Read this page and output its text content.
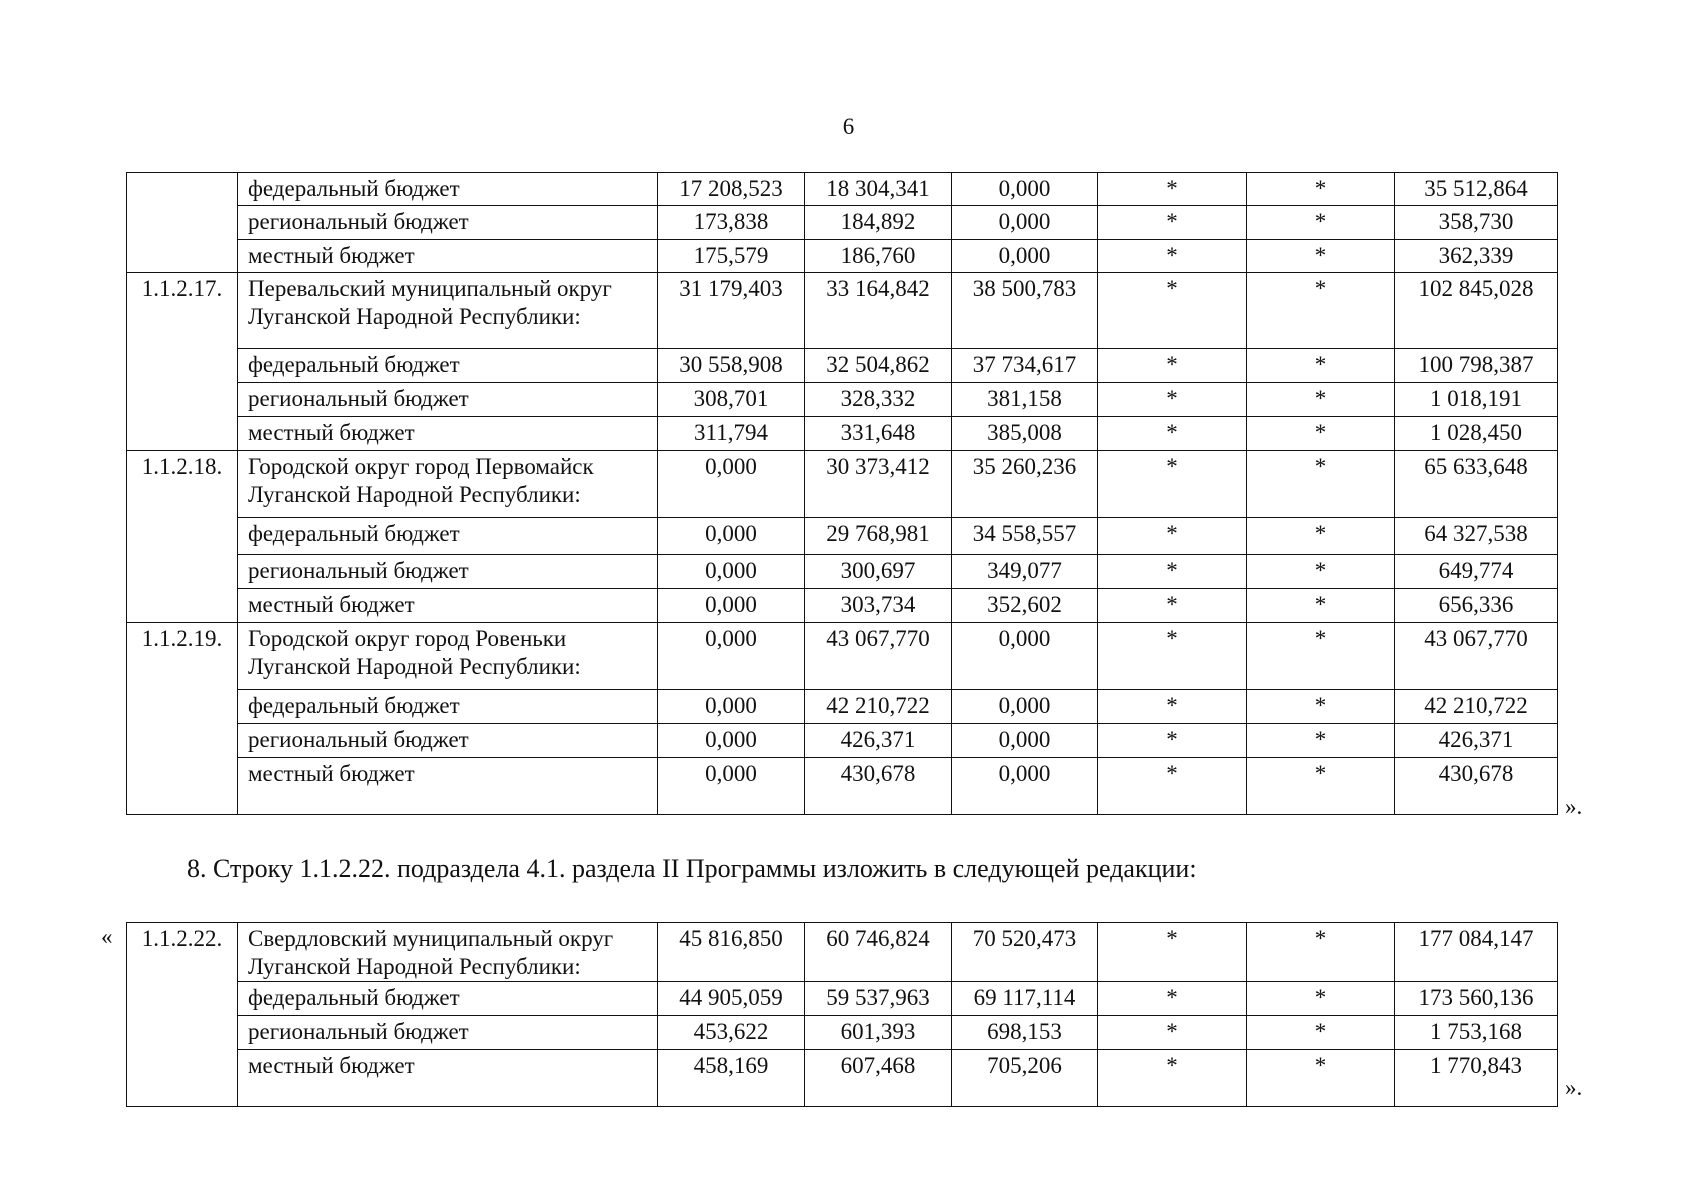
6
	федеральный бюджет	17 208,523	18 304,341	0,000	*	*	35 512,864
	региональный бюджет	173,838	184,892	0,000	*	*	358,730
	местный бюджет	175,579	186,760	0,000	*	*	362,339
1.1.2.17.	Перевальский муниципальный округ Луганской Народной Республики:	31 179,403	33 164,842	38 500,783	*	*	102 845,028
	федеральный бюджет	30 558,908	32 504,862	37 734,617	*	*	100 798,387
	региональный бюджет	308,701	328,332	381,158	*	*	1 018,191
	местный бюджет	311,794	331,648	385,008	*	*	1 028,450
1.1.2.18.	Городской округ город Первомайск Луганской Народной Республики:	0,000	30 373,412	35 260,236	*	*	65 633,648
	федеральный бюджет	0,000	29 768,981	34 558,557	*	*	64 327,538
	региональный бюджет	0,000	300,697	349,077	*	*	649,774
	местный бюджет	0,000	303,734	352,602	*	*	656,336
1.1.2.19.	Городской округ город Ровеньки Луганской Народной Республики:	0,000	43 067,770	0,000	*	*	43 067,770
	федеральный бюджет	0,000	42 210,722	0,000	*	*	42 210,722
	региональный бюджет	0,000	426,371	0,000	*	*	426,371
	местный бюджет	0,000	430,678	0,000	*	*	430,678
».
8. Строку 1.1.2.22. подраздела 4.1. раздела II Программы изложить в следующей редакции:
« 1.1.2.22.	Свердловский муниципальный округ Луганской Народной Республики:	45 816,850	60 746,824	70 520,473	*	*	177 084,147
	федеральный бюджет	44 905,059	59 537,963	69 117,114	*	*	173 560,136
	региональный бюджет	453,622	601,393	698,153	*	*	1 753,168
	местный бюджет	458,169	607,468	705,206	*	*	1 770,843
».
